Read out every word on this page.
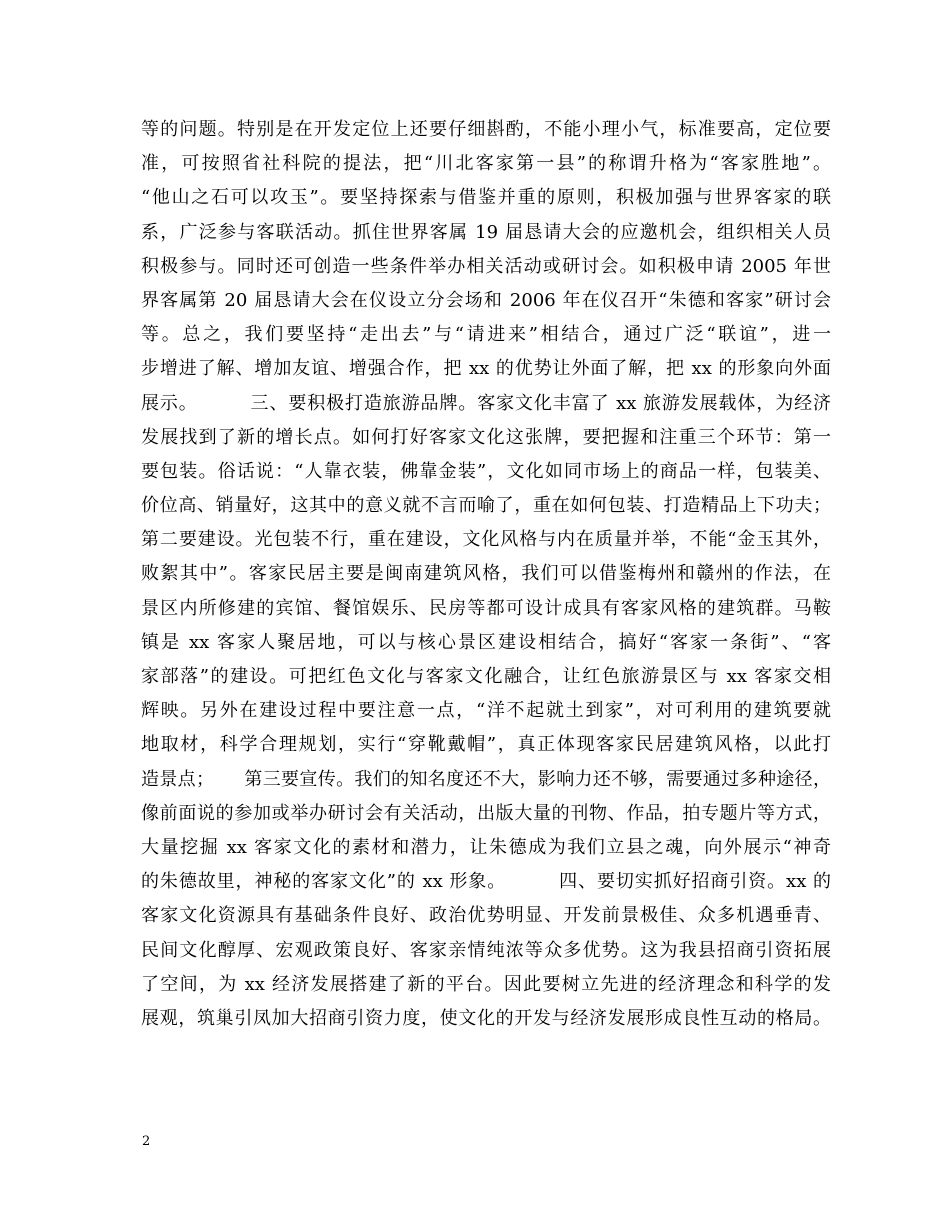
等的问题。特别是在开发定位上还要仔细斟酌，不能小理小气，标准要高，定位要
准，可按照省社科院的提法，把“川北客家第一县”的称谓升格为“客家胜地”。
“他山之石可以攻玉”。要坚持探索与借鉴并重的原则，积极加强与世界客家的联
系，广泛参与客联活动。抓住世界客属 19 届恳请大会的应邀机会，组织相关人员
积极参与。同时还可创造一些条件举办相关活动或研讨会。如积极申请 2005 年世
界客属第 20 届恳请大会在仪设立分会场和 2006 年在仪召开“朱德和客家”研讨会
等。总之，我们要坚持“走出去”与“请进来”相结合，通过广泛“联谊”，进一
步增进了解、增加友谊、增强合作，把 xx 的优势让外面了解，把 xx 的形象向外面
展示。        三、要积极打造旅游品牌。客家文化丰富了 xx 旅游发展载体，为经济
发展找到了新的增长点。如何打好客家文化这张牌，要把握和注重三个环节：第一
要包装。俗话说：“人靠衣装，佛靠金装”，文化如同市场上的商品一样，包装美、
价位高、销量好，这其中的意义就不言而喻了，重在如何包装、打造精品上下功夫；
第二要建设。光包装不行，重在建设，文化风格与内在质量并举，不能“金玉其外，
败絮其中”。客家民居主要是闽南建筑风格，我们可以借鉴梅州和赣州的作法，在
景区内所修建的宾馆、餐馆娱乐、民房等都可设计成具有客家风格的建筑群。马鞍
镇是 xx 客家人聚居地，可以与核心景区建设相结合，搞好“客家一条街”、“客
家部落”的建设。可把红色文化与客家文化融合，让红色旅游景区与 xx 客家交相
辉映。另外在建设过程中要注意一点，“洋不起就土到家”，对可利用的建筑要就
地取材，科学合理规划，实行“穿靴戴帽”，真正体现客家民居建筑风格，以此打
造景点；     第三要宣传。我们的知名度还不大，影响力还不够，需要通过多种途径，
像前面说的参加或举办研讨会有关活动，出版大量的刊物、作品，拍专题片等方式，
大量挖掘 xx 客家文化的素材和潜力，让朱德成为我们立县之魂，向外展示“神奇
的朱德故里，神秘的客家文化”的 xx 形象。        四、要切实抓好招商引资。xx 的
客家文化资源具有基础条件良好、政治优势明显、开发前景极佳、众多机遇垂青、
民间文化醇厚、宏观政策良好、客家亲情纯浓等众多优势。这为我县招商引资拓展
了空间，为 xx 经济发展搭建了新的平台。因此要树立先进的经济理念和科学的发
展观，筑巢引凤加大招商引资力度，使文化的开发与经济发展形成良性互动的格局。
2
